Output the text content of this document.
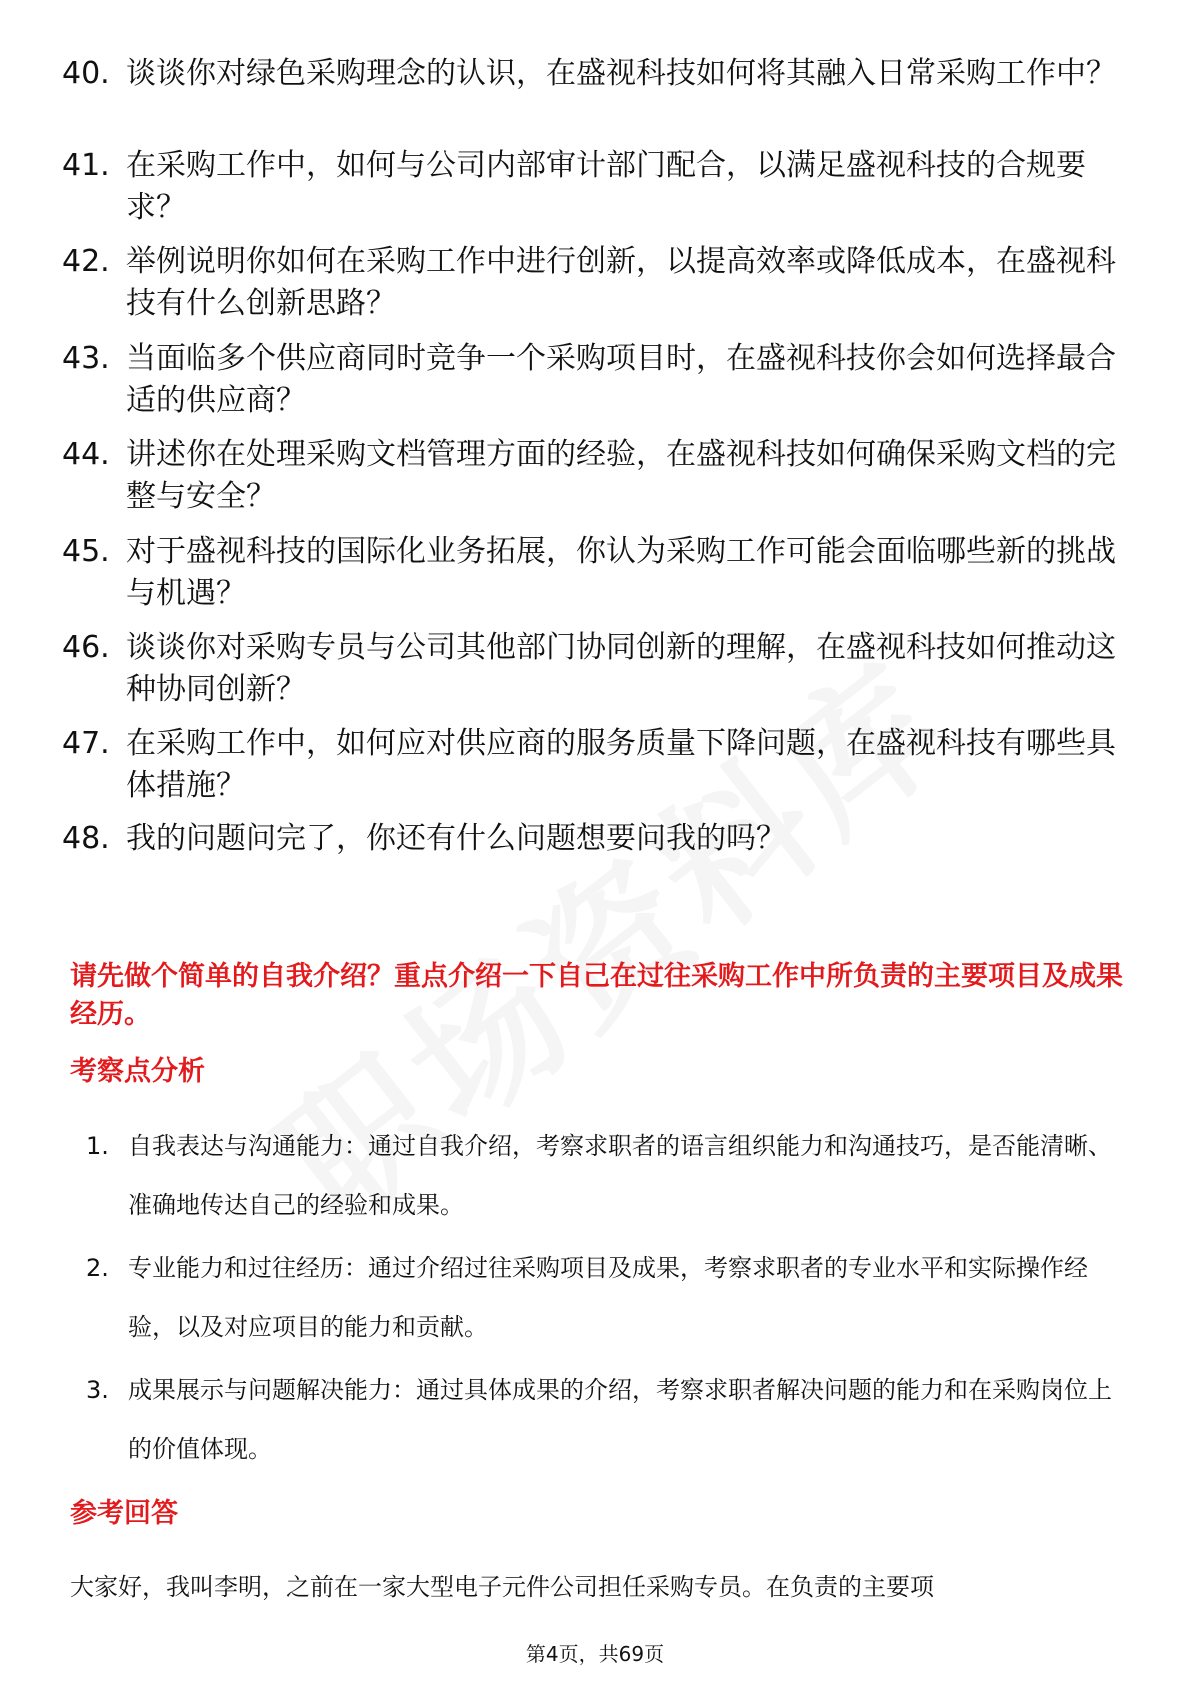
40. 谈谈你对绿色采购理念的认识，在盛视科技如何将其融入日常采购工作中？
41. 在采购工作中，如何与公司内部审计部门配合，以满足盛视科技的合规要求？
42. 举例说明你如何在采购工作中进行创新，以提高效率或降低成本，在盛视科技有什么创新思路？
43. 当面临多个供应商同时竞争一个采购项目时，在盛视科技你会如何选择最合适的供应商？
44. 讲述你在处理采购文档管理方面的经验，在盛视科技如何确保采购文档的完整与安全？
45. 对于盛视科技的国际化业务拓展，你认为采购工作可能会面临哪些新的挑战与机遇？
46. 谈谈你对采购专员与公司其他部门协同创新的理解，在盛视科技如何推动这种协同创新？
47. 在采购工作中，如何应对供应商的服务质量下降问题，在盛视科技有哪些具体措施？
48. 我的问题问完了，你还有什么问题想要问我的吗？
请先做个简单的自我介绍？重点介绍一下自己在过往采购工作中所负责的主要项目及成果经历。
考察点分析
1. 自我表达与沟通能力：通过自我介绍，考察求职者的语言组织能力和沟通技巧，是否能清晰、准确地传达自己的经验和成果。
2. 专业能力和过往经历：通过介绍过往采购项目及成果，考察求职者的专业水平和实际操作经验，以及对应项目的能力和贡献。
3. 成果展示与问题解决能力：通过具体成果的介绍，考察求职者解决问题的能力和在采购岗位上的价值体现。
参考回答
大家好，我叫李明，之前在一家大型电子元件公司担任采购专员。在负责的主要项
第4页，共69页
